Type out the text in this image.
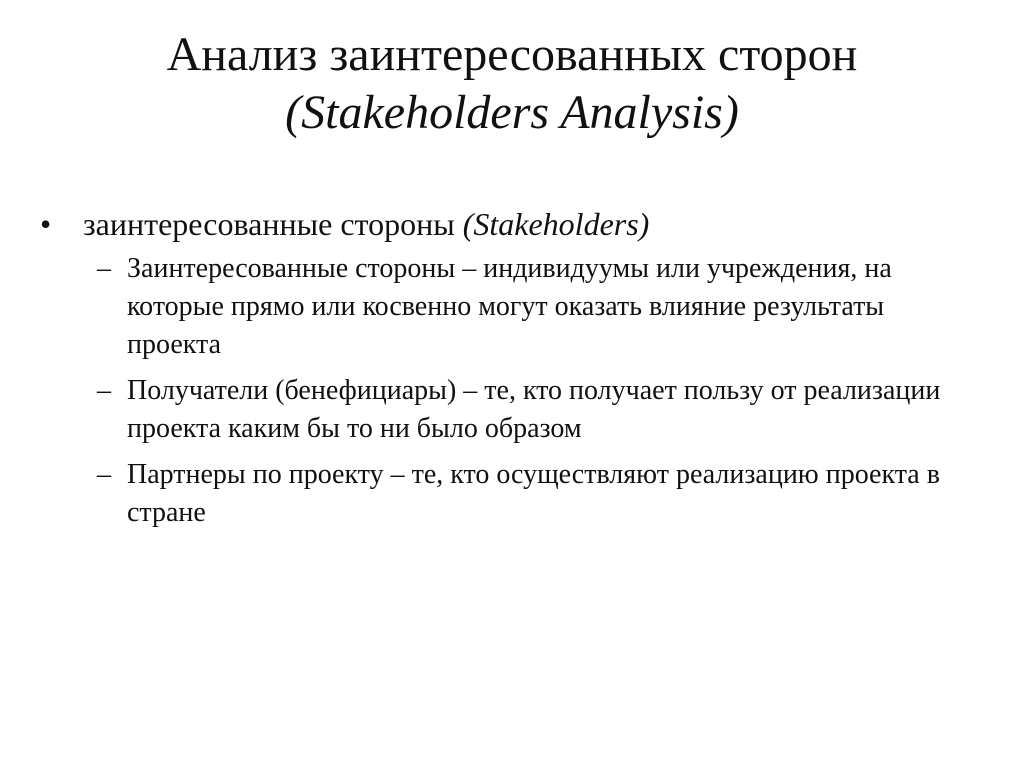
Анализ заинтересованных сторон
(Stakeholders Analysis)
• заинтересованные стороны (Stakeholders)
– Заинтересованные стороны – индивидуумы или учреждения, на которые прямо или косвенно могут оказать влияние результаты проекта
– Получатели (бенефициары) – те, кто получает пользу от реализации проекта каким бы то ни было образом
– Партнеры по проекту – те, кто осуществляют реализацию проекта в стране
